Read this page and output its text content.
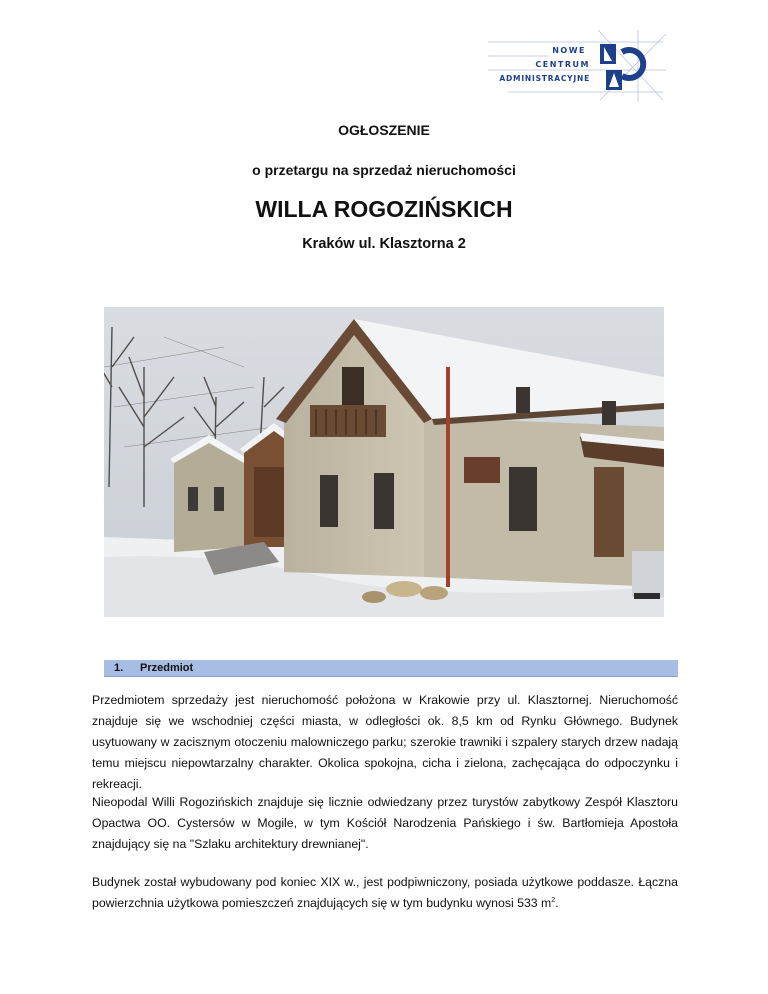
NOWE
CENTRUM
ADMINISTRACYJNE
OGŁOSZENIE
o przetargu na sprzedaż nieruchomości
WILLA ROGOZIŃSKICH
Kraków ul. Klasztorna 2
1. Przedmiot
Przedmiotem sprzedaży jest nieruchomość położona w Krakowie przy ul. Klasztornej. Nieruchomość znajduje się we wschodniej części miasta, w odległości ok. 8,5 km od Rynku Głównego. Budynek usytuowany w zacisznym otoczeniu malowniczego parku; szerokie trawniki i szpalery starych drzew nadają temu miejscu niepowtarzalny charakter. Okolica spokojna, cicha i zielona, zachęcająca do odpoczynku i rekreacji.
Nieopodal Willi Rogozińskich znajduje się licznie odwiedzany przez turystów zabytkowy Zespół Klasztoru Opactwa OO. Cystersów w Mogile, w tym Kościół Narodzenia Pańskiego i św. Bartłomieja Apostoła znajdujący się na "Szlaku architektury drewnianej".
Budynek został wybudowany pod koniec XIX w., jest podpiwniczony, posiada użytkowe poddasze. Łączna powierzchnia użytkowa pomieszczeń znajdujących się w tym budynku wynosi 533 $m^2$.
